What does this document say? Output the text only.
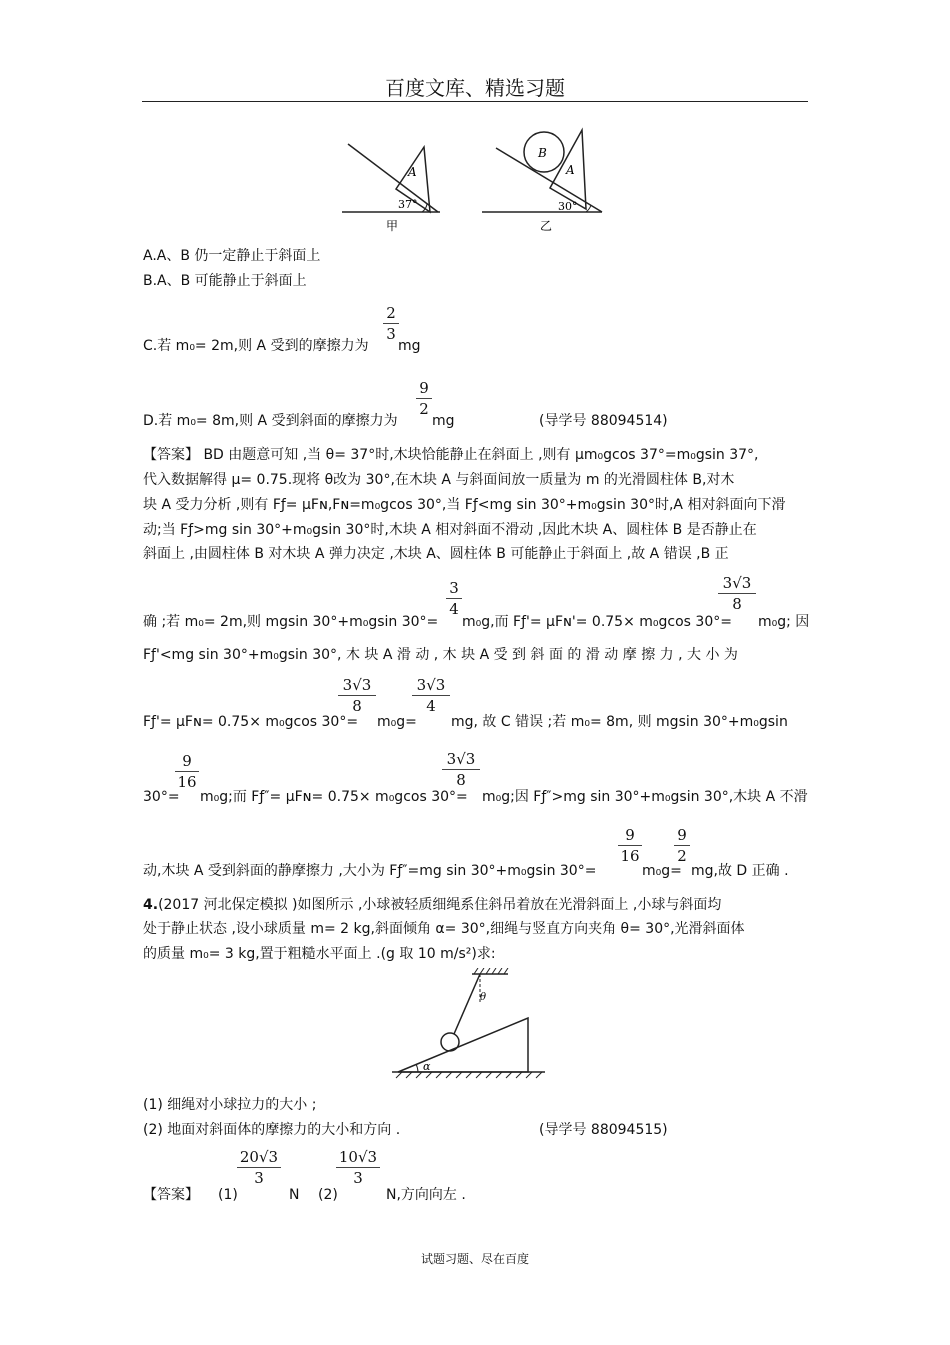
百度文库、精选习题
A
37°
甲
B
A
30°
乙
A.A、B 仍一定静止于斜面上
B.A、B 可能静止于斜面上
C.若 m₀= 2m,则 A 受到的摩擦力为
2
3
mg
D.若 m₀= 8m,则 A 受到斜面的摩擦力为
9
2
mg	(导学号 88094514)
【答案】 BD 由题意可知 ,当 θ= 37°时,木块恰能静止在斜面上 ,则有 μm₀gcos 37°=m₀gsin 37°,
代入数据解得 μ= 0.75.现将 θ改为 30°,在木块 A 与斜面间放一质量为 m 的光滑圆柱体 B,对木
块 A 受力分析 ,则有 Fƒ= μFɴ,Fɴ=m₀gcos 30°,当 Fƒ<mg sin 30°+m₀gsin 30°时,A 相对斜面向下滑
动;当 Fƒ>mg sin 30°+m₀gsin 30°时,木块 A 相对斜面不滑动 ,因此木块 A、圆柱体 B 是否静止在
斜面上 ,由圆柱体 B 对木块 A 弹力决定 ,木块 A、圆柱体 B 可能静止于斜面上 ,故 A 错误 ,B 正
确 ;若 m₀= 2m,则 mgsin 30°+m₀gsin 30°=
3
4
m₀g,而 Fƒ'= μFɴ'= 0.75× m₀gcos 30°=
3√3
8
m₀g; 因
Fƒ'<mg sin 30°+m₀gsin 30°, 木 块 A 滑 动 , 木 块 A 受 到 斜 面 的 滑 动 摩 擦 力 , 大 小 为
Fƒ'= μFɴ= 0.75× m₀gcos 30°=
3√3
8
m₀g=
3√3
4
mg, 故 C 错误 ;若 m₀= 8m, 则 mgsin 30°+m₀gsin
30°=
9
16
m₀g;而 Fƒ″= μFɴ= 0.75× m₀gcos 30°=
3√3
8
m₀g;因 Fƒ″>mg sin 30°+m₀gsin 30°,木块 A 不滑
动,木块 A 受到斜面的静摩擦力 ,大小为 Fƒ″=mg sin 30°+m₀gsin 30°=
9
16
m₀g=
9
2
mg,故 D 正确 .
4.(2017 河北保定模拟 )如图所示 ,小球被轻质细绳系住斜吊着放在光滑斜面上 ,小球与斜面均
处于静止状态 ,设小球质量 m= 2 kg,斜面倾角 α= 30°,细绳与竖直方向夹角 θ= 30°,光滑斜面体
的质量 m₀= 3 kg,置于粗糙水平面上 .(g 取 10 m/s²)求:
α
θ
(1) 细绳对小球拉力的大小 ;
(2) 地面对斜面体的摩擦力的大小和方向 .	(导学号 88094515)
【答案】 (1)
20√3
3
N (2)
10√3
3
N,方向向左 .
试题习题、尽在百度
